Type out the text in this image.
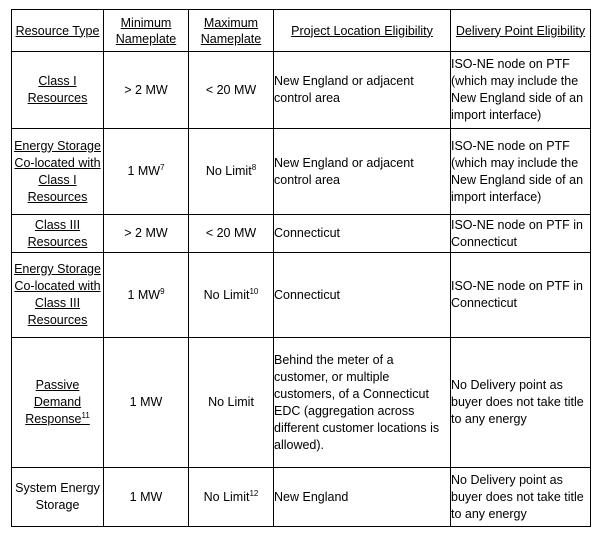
Resource Type	Minimum Nameplate	Maximum Nameplate	Project Location Eligibility	Delivery Point Eligibility
Class I Resources	> 2 MW	< 20 MW	New England or adjacent control area	ISO-NE node on PTF (which may include the New England side of an import interface)
Energy Storage Co-located with Class I Resources	1 $MW^7$	No Limit$^8$	New England or adjacent control area	ISO-NE node on PTF (which may include the New England side of an import interface)
Class III Resources	> 2 MW	< 20 MW	Connecticut	ISO-NE node on PTF in Connecticut
Energy Storage Co-located with Class III Resources	1 $MW^9$	No Limit$^{10}$	Connecticut	ISO-NE node on PTF in Connecticut
Passive Demand Response$^{11}$	1 MW	No Limit	Behind the meter of a customer, or multiple customers, of a Connecticut EDC (aggregation across different customer locations is allowed).	No Delivery point as buyer does not take title to any energy
System Energy Storage	1 MW	No Limit$^{12}$	New England	No Delivery point as buyer does not take title to any energy
